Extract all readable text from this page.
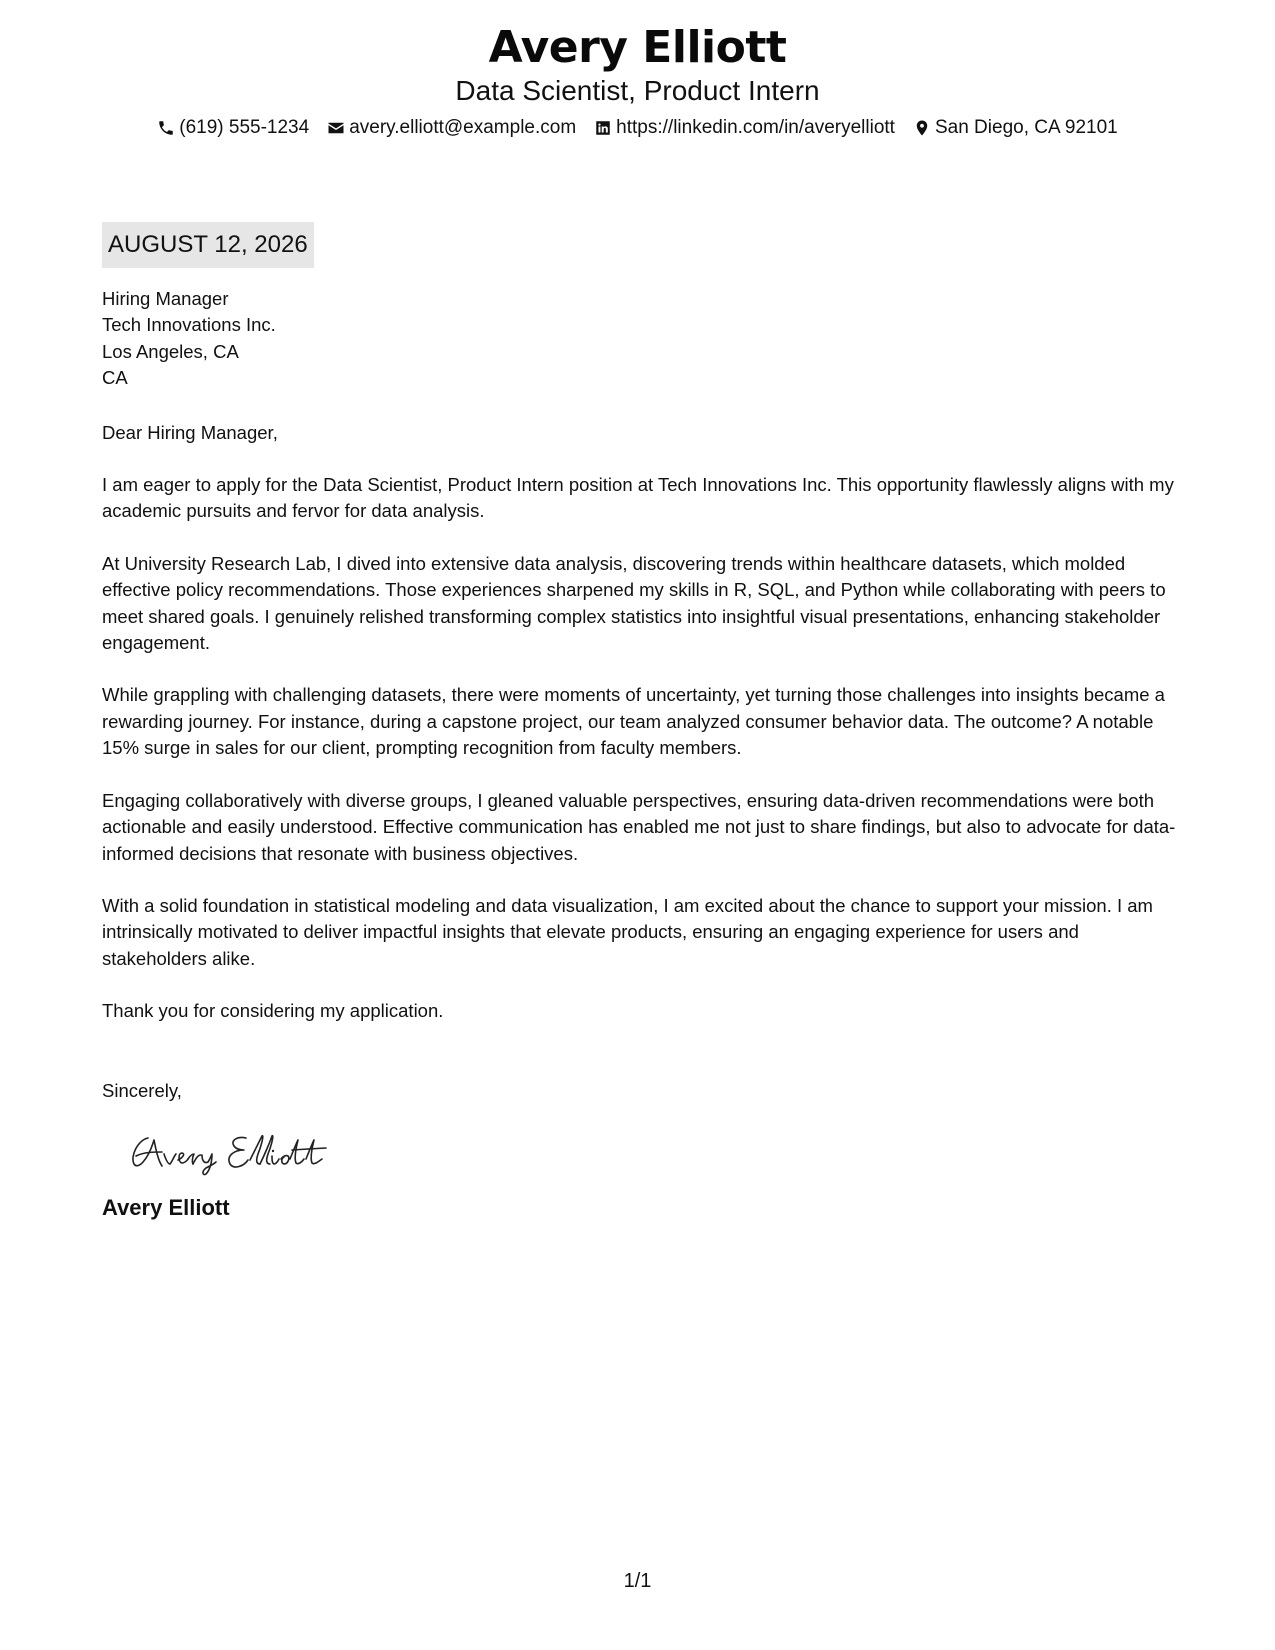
Avery Elliott
Data Scientist, Product Intern
(619) 555-1234 avery.elliott@example.com https://linkedin.com/in/averyelliott San Diego, CA 92101
AUGUST 12, 2026
Hiring Manager
Tech Innovations Inc.
Los Angeles, CA
CA
Dear Hiring Manager,
I am eager to apply for the Data Scientist, Product Intern position at Tech Innovations Inc. This opportunity flawlessly aligns with my academic pursuits and fervor for data analysis.
At University Research Lab, I dived into extensive data analysis, discovering trends within healthcare datasets, which molded effective policy recommendations. Those experiences sharpened my skills in R, SQL, and Python while collaborating with peers to meet shared goals. I genuinely relished transforming complex statistics into insightful visual presentations, enhancing stakeholder engagement.
While grappling with challenging datasets, there were moments of uncertainty, yet turning those challenges into insights became a rewarding journey. For instance, during a capstone project, our team analyzed consumer behavior data. The outcome? A notable 15% surge in sales for our client, prompting recognition from faculty members.
Engaging collaboratively with diverse groups, I gleaned valuable perspectives, ensuring data-driven recommendations were both actionable and easily understood. Effective communication has enabled me not just to share findings, but also to advocate for data-informed decisions that resonate with business objectives.
With a solid foundation in statistical modeling and data visualization, I am excited about the chance to support your mission. I am intrinsically motivated to deliver impactful insights that elevate products, ensuring an engaging experience for users and stakeholders alike.
Thank you for considering my application.
Sincerely,
Avery Elliott
1/1
